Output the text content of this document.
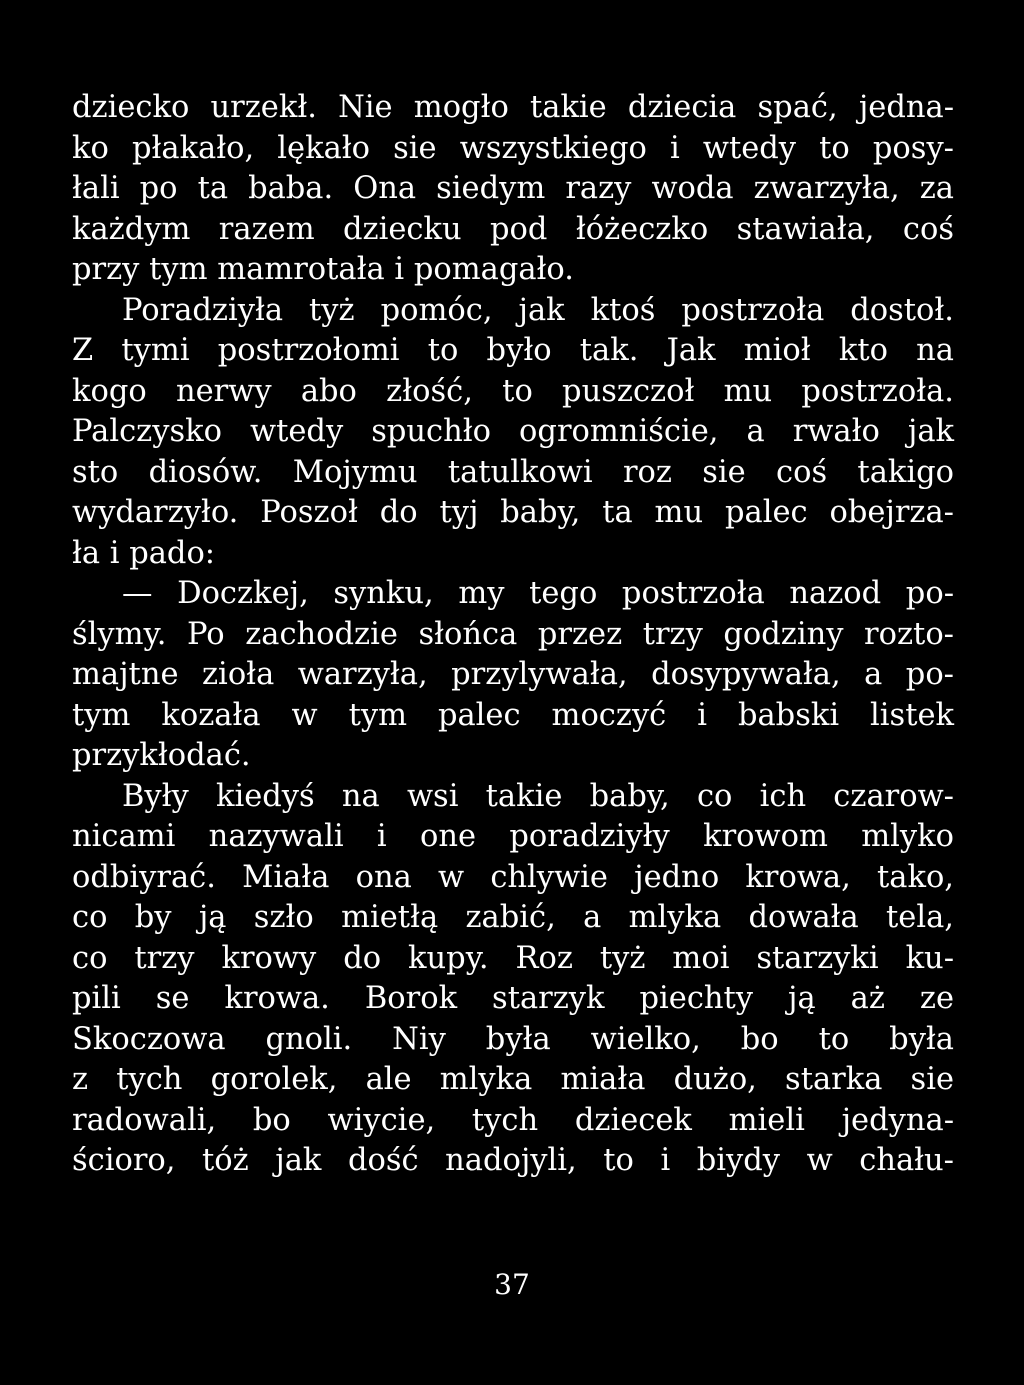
dziecko urzekł. Nie mogło takie dziecia spać, jedna-
ko płakało, lękało sie wszystkiego i wtedy to posy-
łali po ta baba. Ona siedym razy woda zwarzyła, za
każdym razem dziecku pod łóżeczko stawiała, coś
przy tym mamrotała i pomagało.
Poradziyła tyż pomóc, jak ktoś postrzoła dostoł.
Z tymi postrzołomi to było tak. Jak mioł kto na
kogo nerwy abo złość, to puszczoł mu postrzoła.
Palczysko wtedy spuchło ogromniście, a rwało jak
sto diosów. Mojymu tatulkowi roz sie coś takigo
wydarzyło. Poszoł do tyj baby, ta mu palec obejrza-
ła i pado:
— Doczkej, synku, my tego postrzoła nazod po-
ślymy. Po zachodzie słońca przez trzy godziny rozto-
majtne zioła warzyła, przylywała, dosypywała, a po-
tym kozała w tym palec moczyć i babski listek
przykłodać.
Były kiedyś na wsi takie baby, co ich czarow-
nicami nazywali i one poradziyły krowom mlyko
odbiyrać. Miała ona w chlywie jedno krowa, tako,
co by ją szło mietłą zabić, a mlyka dowała tela,
co trzy krowy do kupy. Roz tyż moi starzyki ku-
pili se krowa. Borok starzyk piechty ją aż ze
Skoczowa gnoli. Niy była wielko, bo to była
z tych gorolek, ale mlyka miała dużo, starka sie
radowali, bo wiycie, tych dziecek mieli jedyna-
ścioro, tóż jak dość nadojyli, to i biydy w chału-
37
